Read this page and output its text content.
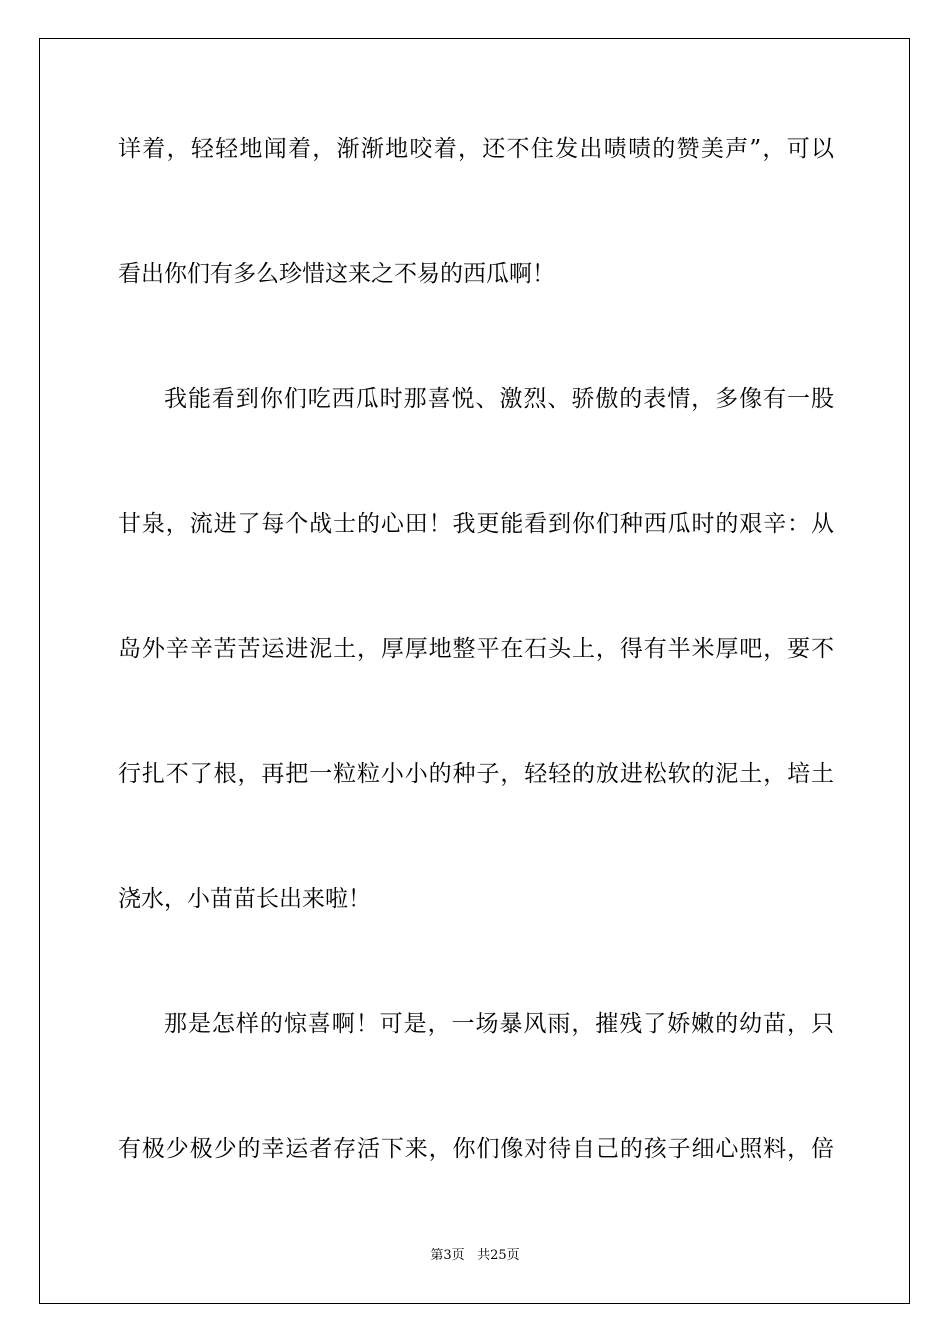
详着，轻轻地闻着，渐渐地咬着，还不住发出啧啧的赞美声”，可以
看出你们有多么珍惜这来之不易的西瓜啊！
我能看到你们吃西瓜时那喜悦、激烈、骄傲的表情，多像有一股
甘泉，流进了每个战士的心田！我更能看到你们种西瓜时的艰辛：从
岛外辛辛苦苦运进泥土，厚厚地整平在石头上，得有半米厚吧，要不
行扎不了根，再把一粒粒小小的种子，轻轻的放进松软的泥土，培土
浇水，小苗苗长出来啦！
那是怎样的惊喜啊！可是，一场暴风雨，摧残了娇嫩的幼苗，只
有极少极少的幸运者存活下来，你们像对待自己的孩子细心照料，倍
第3页 共25页
